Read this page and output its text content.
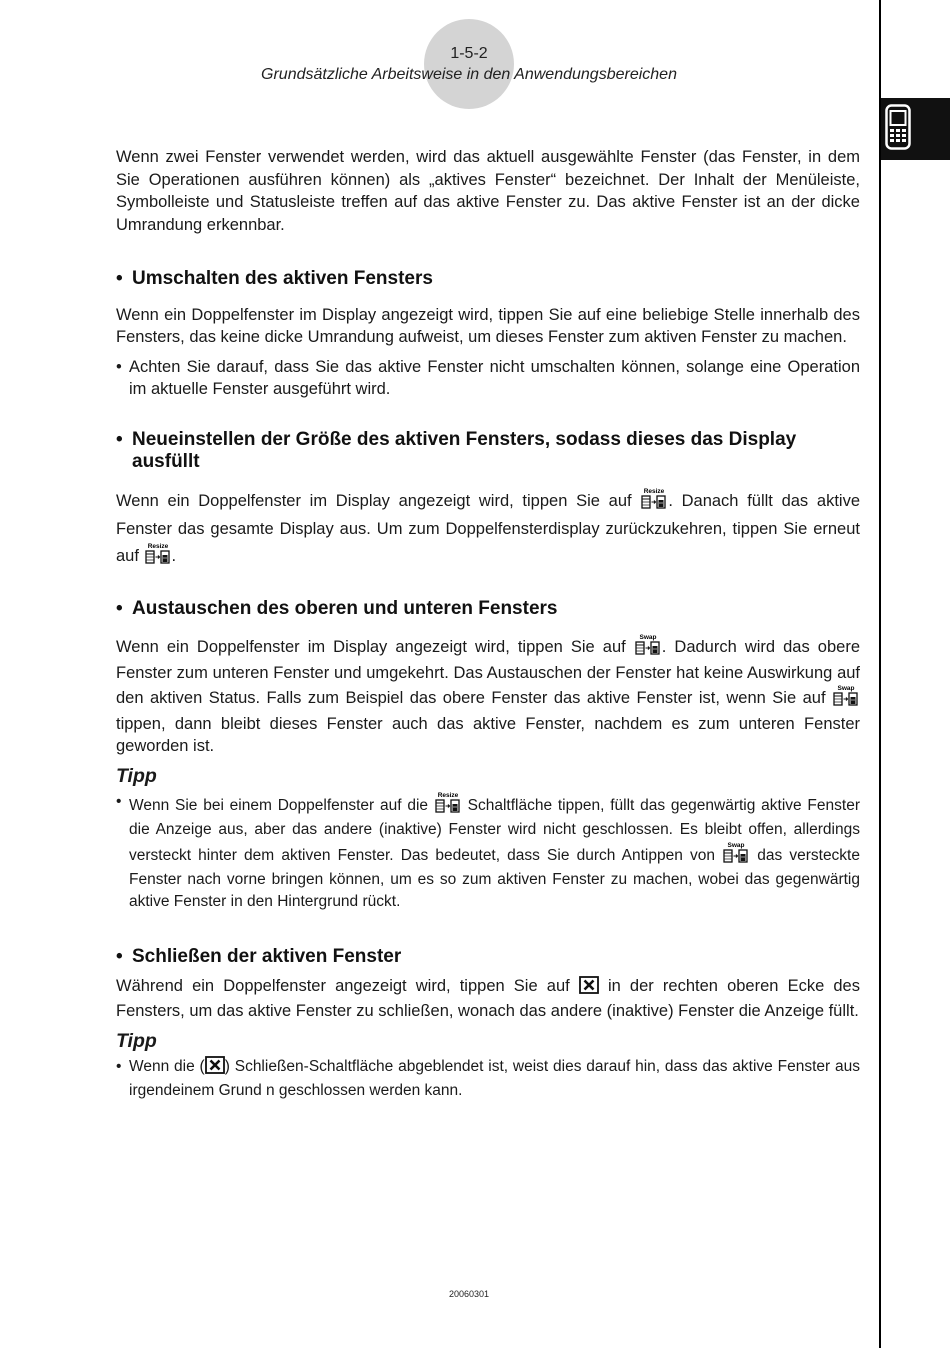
1-5-2
Grundsätzliche Arbeitsweise in den Anwendungsbereichen

Wenn zwei Fenster verwendet werden, wird das aktuell ausgewählte Fenster (das Fenster, in dem Sie Operationen ausführen können) als „aktives Fenster“ bezeichnet. Der Inhalt der Menüleiste, Symbolleiste und Statusleiste treffen auf das aktive Fenster zu. Das aktive Fenster ist an der dicke Umrandung erkennbar.

• Umschalten des aktiven Fensters

Wenn ein Doppelfenster im Display angezeigt wird, tippen Sie auf eine beliebige Stelle innerhalb des Fensters, das keine dicke Umrandung aufweist, um dieses Fenster zum aktiven Fenster zu machen.

• Achten Sie darauf, dass Sie das aktive Fenster nicht umschalten können, solange eine Operation im aktuelle Fenster ausgeführt wird.
• Neueinstellen der Größe des aktiven Fensters, sodass dieses das Display ausfüllt

Wenn ein Doppelfenster im Display angezeigt wird, tippen Sie auf
Resize
. Danach füllt das aktive Fenster das gesamte Display aus. Um zum Doppelfensterdisplay zurückzukehren, tippen Sie erneut auf
Resize
.

• Austauschen des oberen und unteren Fensters

Wenn ein Doppelfenster im Display angezeigt wird, tippen Sie auf
Swap
. Dadurch wird das obere Fenster zum unteren Fenster und umgekehrt. Das Austauschen der Fenster hat keine Auswirkung auf den aktiven Status. Falls zum Beispiel das obere Fenster das aktive Fenster ist, wenn Sie auf
Swap
tippen, dann bleibt dieses Fenster auch das aktive Fenster, nachdem es zum unteren Fenster geworden ist.

Tipp

• Wenn Sie bei einem Doppelfenster auf die
Resize
Schaltfläche tippen, füllt das gegenwärtig aktive Fenster die Anzeige aus, aber das andere (inaktive) Fenster wird nicht geschlossen. Es bleibt offen, allerdings versteckt hinter dem aktiven Fenster. Das bedeutet, dass Sie durch Antippen von
Swap
das versteckte Fenster nach vorne bringen können, um es so zum aktiven Fenster zu machen, wobei das gegenwärtig aktive Fenster in den Hintergrund rückt.
• Schließen der aktiven Fenster

Während ein Doppelfenster angezeigt wird, tippen Sie auf  in der rechten oberen Ecke des Fensters, um das aktive Fenster zu schließen, wonach das andere (inaktive) Fenster die Anzeige füllt.

Tipp

• Wenn die ( ) Schließen-Schaltfläche abgeblendet ist, weist dies darauf hin, dass das aktive Fenster aus irgendeinem Grund n geschlossen werden kann.
20060301
